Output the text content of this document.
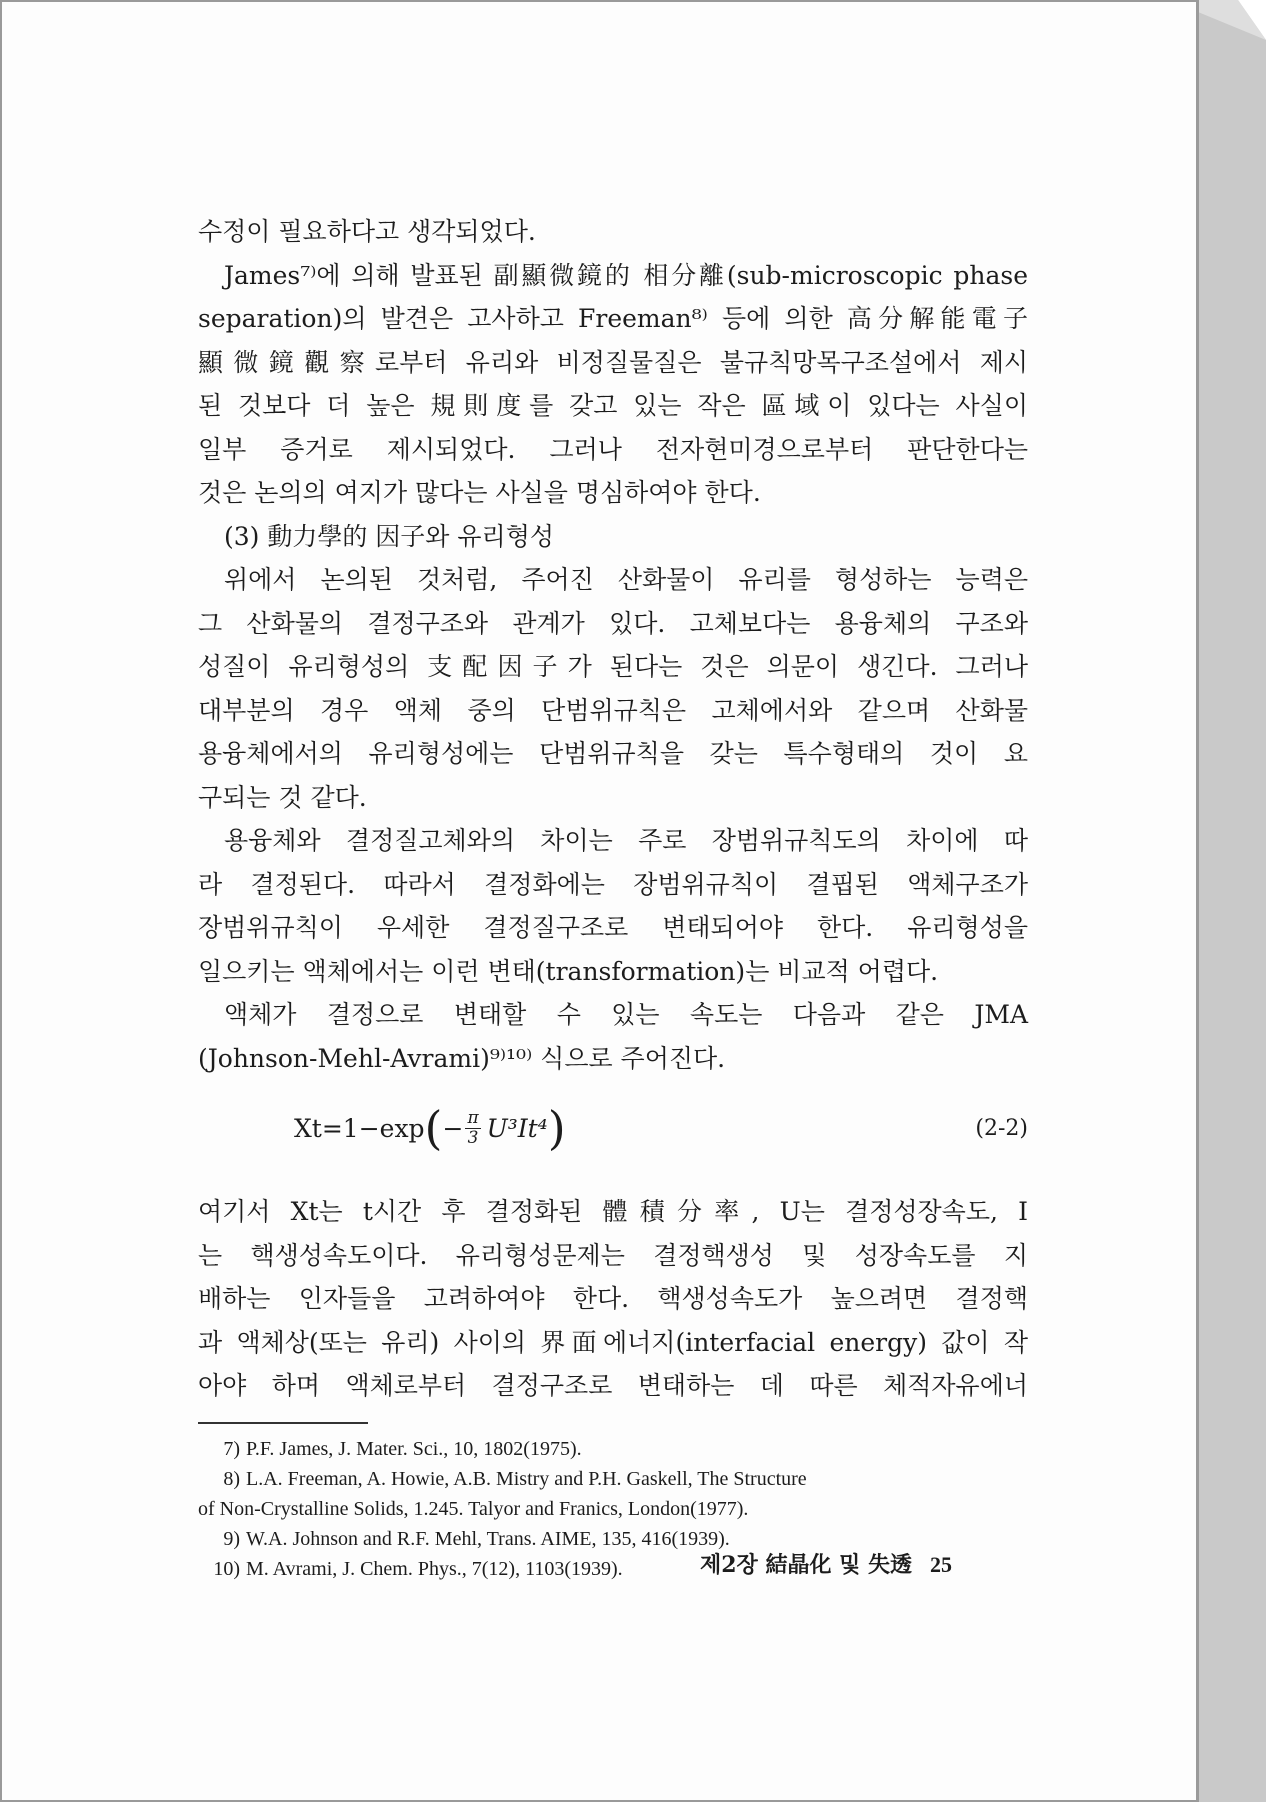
수정이 필요하다고 생각되었다.
James⁷⁾에 의해 발표된 副顯微鏡的 相分離(sub-microscopic phase
separation)의 발견은 고사하고 Freeman⁸⁾ 등에 의한 高分解能電子
顯微鏡觀察로부터 유리와 비정질물질은 불규칙망목구조설에서 제시
된 것보다 더 높은 規則度를 갖고 있는 작은 區域이 있다는 사실이
일부 증거로 제시되었다. 그러나 전자현미경으로부터 판단한다는
것은 논의의 여지가 많다는 사실을 명심하여야 한다.
(3) 動力學的 因子와 유리형성
위에서 논의된 것처럼, 주어진 산화물이 유리를 형성하는 능력은
그 산화물의 결정구조와 관계가 있다. 고체보다는 용융체의 구조와
성질이 유리형성의 支配因子가 된다는 것은 의문이 생긴다. 그러나
대부분의 경우 액체 중의 단범위규칙은 고체에서와 같으며 산화물
용융체에서의 유리형성에는 단범위규칙을 갖는 특수형태의 것이 요
구되는 것 같다.
용융체와 결정질고체와의 차이는 주로 장범위규칙도의 차이에 따
라 결정된다. 따라서 결정화에는 장범위규칙이 결핍된 액체구조가
장범위규칙이 우세한 결정질구조로 변태되어야 한다. 유리형성을
일으키는 액체에서는 이런 변태(transformation)는 비교적 어렵다.
액체가 결정으로 변태할 수 있는 속도는 다음과 같은 JMA
(Johnson-Mehl-Avrami)⁹⁾¹⁰⁾ 식으로 주어진다.
Xt=1−exp ( − $\frac{\pi}{3} U^3It^4$ )	(2-2)
여기서 Xt는 t시간 후 결정화된 體積分率, U는 결정성장속도, I
는 핵생성속도이다. 유리형성문제는 결정핵생성 및 성장속도를 지
배하는 인자들을 고려하여야 한다. 핵생성속도가 높으려면 결정핵
과 액체상(또는 유리) 사이의 界面에너지(interfacial energy) 값이 작
아야 하며 액체로부터 결정구조로 변태하는 데 따른 체적자유에너
7) P.F. James, J. Mater. Sci., 10, 1802(1975).
8) L.A. Freeman, A. Howie, A.B. Mistry and P.H. Gaskell, The Structure
of Non-Crystalline Solids, 1.245. Talyor and Franics, London(1977).
9) W.A. Johnson and R.F. Mehl, Trans. AIME, 135, 416(1939).
10) M. Avrami, J. Chem. Phys., 7(12), 1103(1939).	제2장 結晶化 및 失透 25
